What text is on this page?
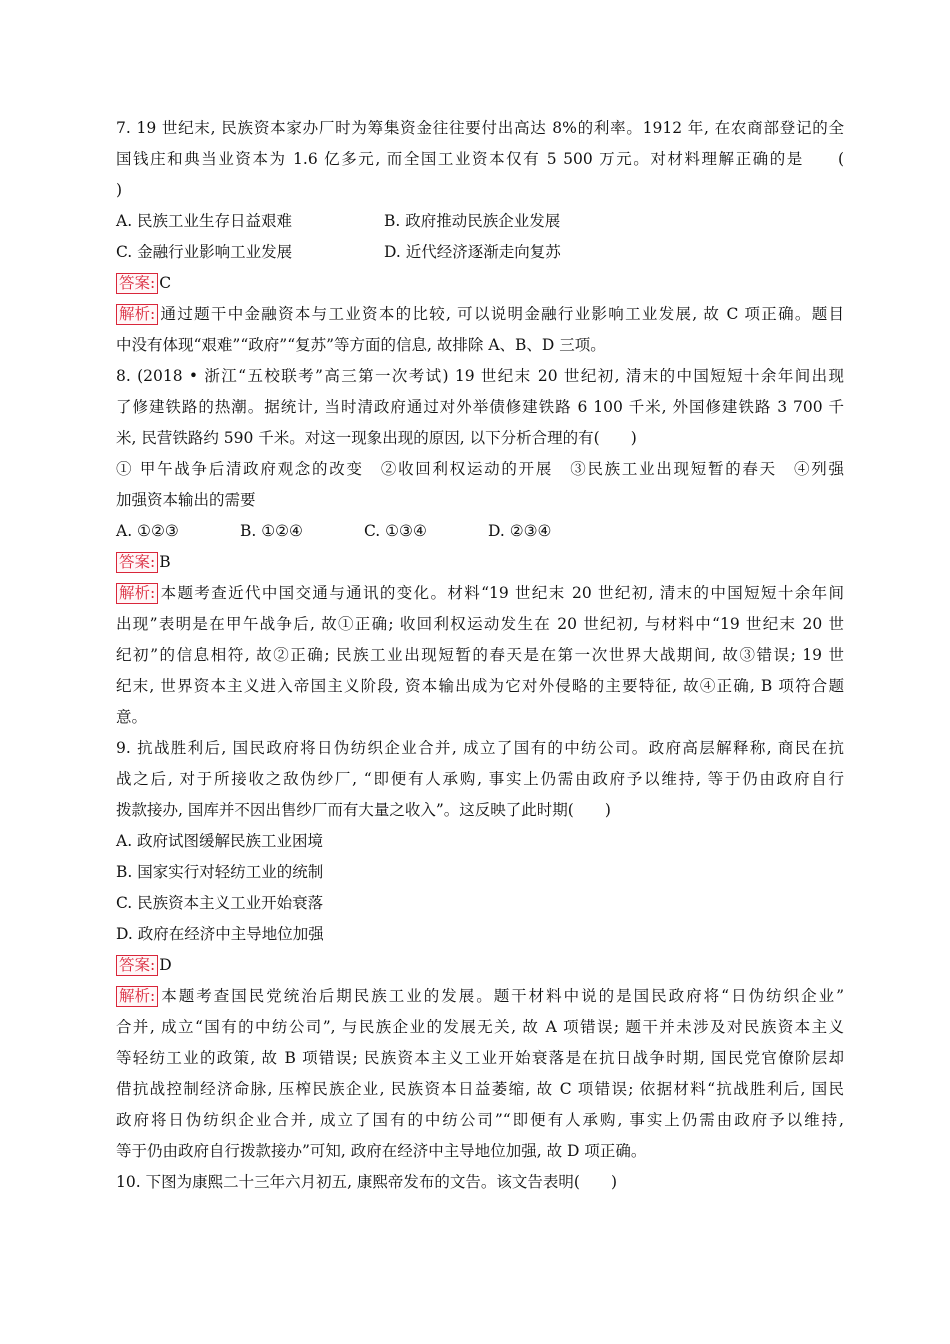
7. 19 世纪末, 民族资本家办厂时为筹集资金往往要付出高达 8%的利率。1912 年, 在农商部登记的全
国钱庄和典当业资本为 1.6 亿多元, 而全国工业资本仅有 5 500 万元。对材料理解正确的是　　(
)
A. 民族工业生存日益艰难	B. 政府推动民族企业发展
C. 金融行业影响工业发展	D. 近代经济逐渐走向复苏
答案: C
解析: 通过题干中金融资本与工业资本的比较, 可以说明金融行业影响工业发展, 故 C 项正确。题目
中没有体现“艰难”“政府”“复苏”等方面的信息, 故排除 A、B、D 三项。
8. (2018 • 浙江“五校联考”高三第一次考试) 19 世纪末 20 世纪初, 清末的中国短短十余年间出现
了修建铁路的热潮。据统计, 当时清政府通过对外举债修建铁路 6 100 千米, 外国修建铁路 3 700 千
米, 民营铁路约 590 千米。对这一现象出现的原因, 以下分析合理的有(　　)
① 甲午战争后清政府观念的改变　②收回利权运动的开展　③民族工业出现短暂的春天　④列强
加强资本输出的需要
A. ①②③	B. ①②④	C. ①③④	D. ②③④
答案: B
解析: 本题考查近代中国交通与通讯的变化。材料“19 世纪末 20 世纪初, 清末的中国短短十余年间
出现”表明是在甲午战争后, 故①正确; 收回利权运动发生在 20 世纪初, 与材料中“19 世纪末 20 世
纪初”的信息相符, 故②正确; 民族工业出现短暂的春天是在第一次世界大战期间, 故③错误; 19 世
纪末, 世界资本主义进入帝国主义阶段, 资本输出成为它对外侵略的主要特征, 故④正确, B 项符合题
意。
9. 抗战胜利后, 国民政府将日伪纺织企业合并, 成立了国有的中纺公司。政府高层解释称, 商民在抗
战之后, 对于所接收之敌伪纱厂, “即便有人承购, 事实上仍需由政府予以维持, 等于仍由政府自行
拨款接办, 国库并不因出售纱厂而有大量之收入”。这反映了此时期(　　)
A. 政府试图缓解民族工业困境
B. 国家实行对轻纺工业的统制
C. 民族资本主义工业开始衰落
D. 政府在经济中主导地位加强
答案: D
解析: 本题考查国民党统治后期民族工业的发展。题干材料中说的是国民政府将“日伪纺织企业”
合并, 成立“国有的中纺公司”, 与民族企业的发展无关, 故 A 项错误; 题干并未涉及对民族资本主义
等轻纺工业的政策, 故 B 项错误; 民族资本主义工业开始衰落是在抗日战争时期, 国民党官僚阶层却
借抗战控制经济命脉, 压榨民族企业, 民族资本日益萎缩, 故 C 项错误; 依据材料“抗战胜利后, 国民
政府将日伪纺织企业合并, 成立了国有的中纺公司”“即便有人承购, 事实上仍需由政府予以维持,
等于仍由政府自行拨款接办”可知, 政府在经济中主导地位加强, 故 D 项正确。
10. 下图为康熙二十三年六月初五, 康熙帝发布的文告。该文告表明(　　)
